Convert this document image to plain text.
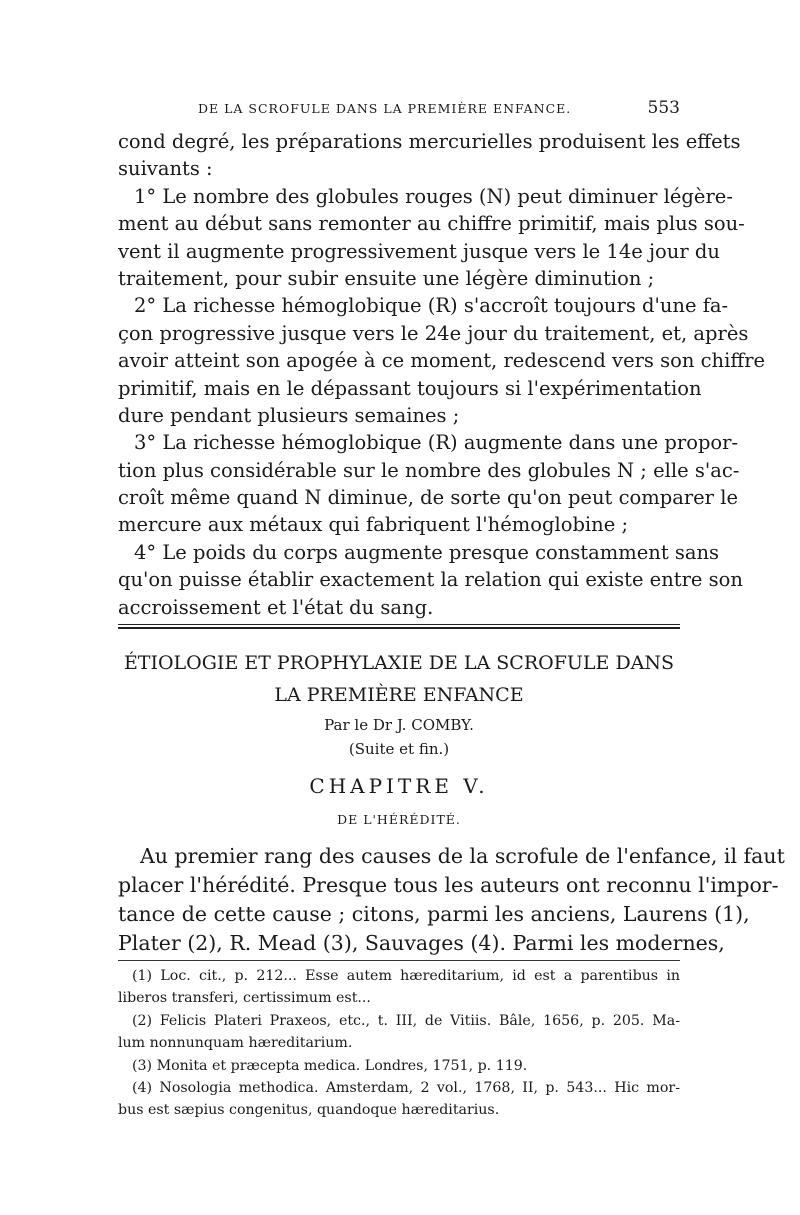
DE LA SCROFULE DANS LA PREMIÈRE ENFANCE.	553
cond degré, les préparations mercurielles produisent les effets
suivants :
1° Le nombre des globules rouges (N) peut diminuer légère-
ment au début sans remonter au chiffre primitif, mais plus sou-
vent il augmente progressivement jusque vers le 14e jour du
traitement, pour subir ensuite une légère diminution ;
2° La richesse hémoglobique (R) s'accroît toujours d'une fa-
çon progressive jusque vers le 24e jour du traitement, et, après
avoir atteint son apogée à ce moment, redescend vers son chiffre
primitif, mais en le dépassant toujours si l'expérimentation
dure pendant plusieurs semaines ;
3° La richesse hémoglobique (R) augmente dans une propor-
tion plus considérable sur le nombre des globules N ; elle s'ac-
croît même quand N diminue, de sorte qu'on peut comparer le
mercure aux métaux qui fabriquent l'hémoglobine ;
4° Le poids du corps augmente presque constamment sans
qu'on puisse établir exactement la relation qui existe entre son
accroissement et l'état du sang.
ÉTIOLOGIE ET PROPHYLAXIE DE LA SCROFULE DANS
LA PREMIÈRE ENFANCE
Par le Dr J. COMBY.
(Suite et fin.)
CHAPITRE V.
DE L'HÉRÉDITÉ.
Au premier rang des causes de la scrofule de l'enfance, il faut
placer l'hérédité. Presque tous les auteurs ont reconnu l'impor-
tance de cette cause ; citons, parmi les anciens, Laurens (1),
Plater (2), R. Mead (3), Sauvages (4). Parmi les modernes,
(1) Loc. cit., p. 212... Esse autem hæreditarium, id est a parentibus in
liberos transferi, certissimum est...
(2) Felicis Plateri Praxeos, etc., t. III, de Vitiis. Bâle, 1656, p. 205. Ma-
lum nonnunquam hæreditarium.
(3) Monita et præcepta medica. Londres, 1751, p. 119.
(4) Nosologia methodica. Amsterdam, 2 vol., 1768, II, p. 543... Hic mor-
bus est sæpius congenitus, quandoque hæreditarius.
